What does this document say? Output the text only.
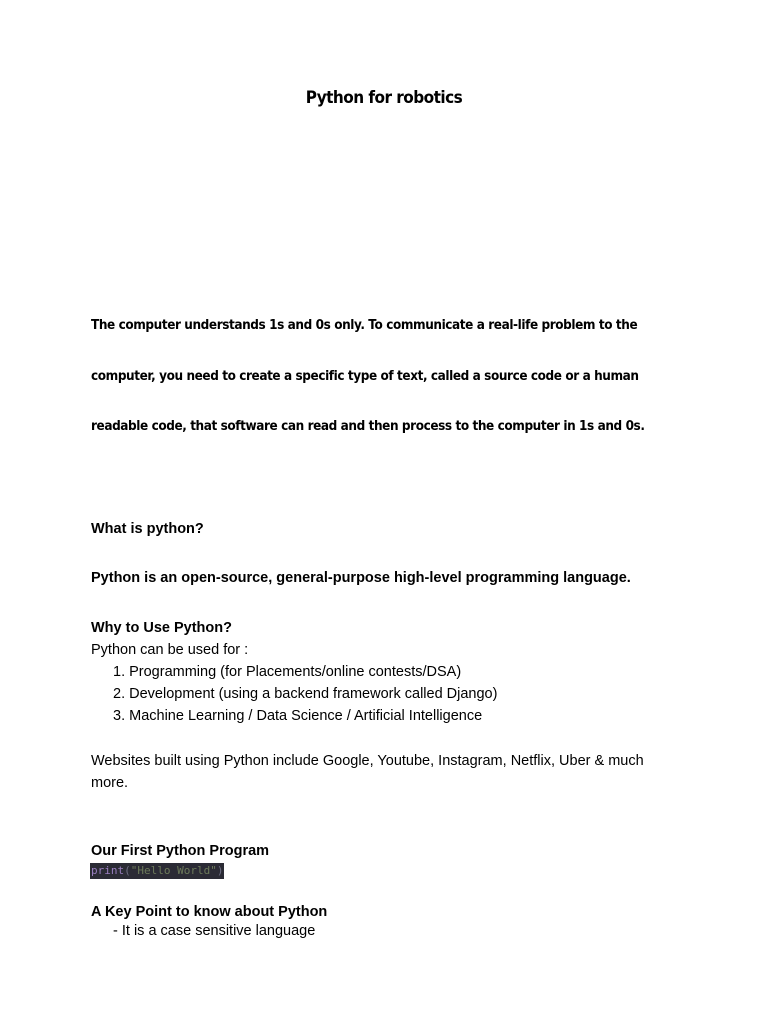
Python for robotics
The computer understands 1s and 0s only. To communicate a real-life problem to the
computer, you need to create a specific type of text, called a source code or a human
readable code, that software can read and then process to the computer in 1s and 0s.
What is python?
Python is an open-source, general-purpose high-level programming language.
Why to Use Python?
Python can be used for :
1. Programming (for Placements/online contests/DSA)
2. Development (using a backend framework called Django)
3. Machine Learning / Data Science / Artificial Intelligence
Websites built using Python include Google, Youtube, Instagram, Netflix, Uber & much more.
Our First Python Program
print("Hello World")
A Key Point to know about Python
- It is a case sensitive language
